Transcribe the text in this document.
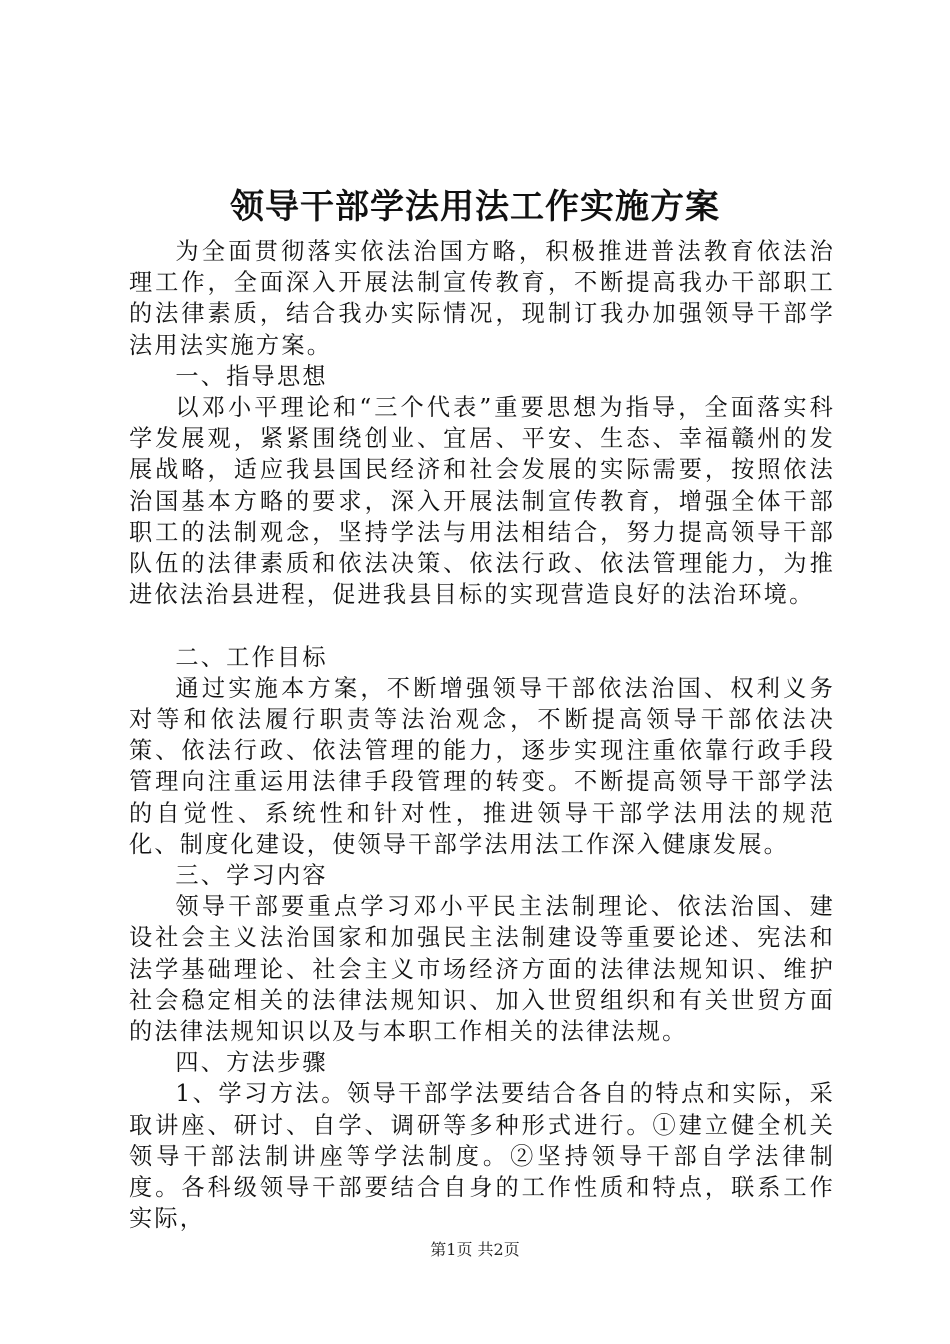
领导干部学法用法工作实施方案

为全面贯彻落实依法治国方略，积极推进普法教育依法治理工作，全面深入开展法制宣传教育，不断提高我办干部职工的法律素质，结合我办实际情况，现制订我办加强领导干部学法用法实施方案。

一、指导思想

以邓小平理论和“三个代表”重要思想为指导，全面落实科学发展观，紧紧围绕创业、宜居、平安、生态、幸福赣州的发展战略，适应我县国民经济和社会发展的实际需要，按照依法治国基本方略的要求，深入开展法制宣传教育，增强全体干部职工的法制观念，坚持学法与用法相结合，努力提高领导干部队伍的法律素质和依法决策、依法行政、依法管理能力，为推进依法治县进程，促进我县目标的实现营造良好的法治环境。

二、工作目标

通过实施本方案，不断增强领导干部依法治国、权利义务对等和依法履行职责等法治观念，不断提高领导干部依法决策、依法行政、依法管理的能力，逐步实现注重依靠行政手段管理向注重运用法律手段管理的转变。不断提高领导干部学法的自觉性、系统性和针对性，推进领导干部学法用法的规范化、制度化建设，使领导干部学法用法工作深入健康发展。

三、学习内容

领导干部要重点学习邓小平民主法制理论、依法治国、建设社会主义法治国家和加强民主法制建设等重要论述、宪法和法学基础理论、社会主义市场经济方面的法律法规知识、维护社会稳定相关的法律法规知识、加入世贸组织和有关世贸方面的法律法规知识以及与本职工作相关的法律法规。

四、方法步骤

1、学习方法。领导干部学法要结合各自的特点和实际，采取讲座、研讨、自学、调研等多种形式进行。①建立健全机关领导干部法制讲座等学法制度。②坚持领导干部自学法律制度。各科级领导干部要结合自身的工作性质和特点，联系工作实际，

第1页 共2页
